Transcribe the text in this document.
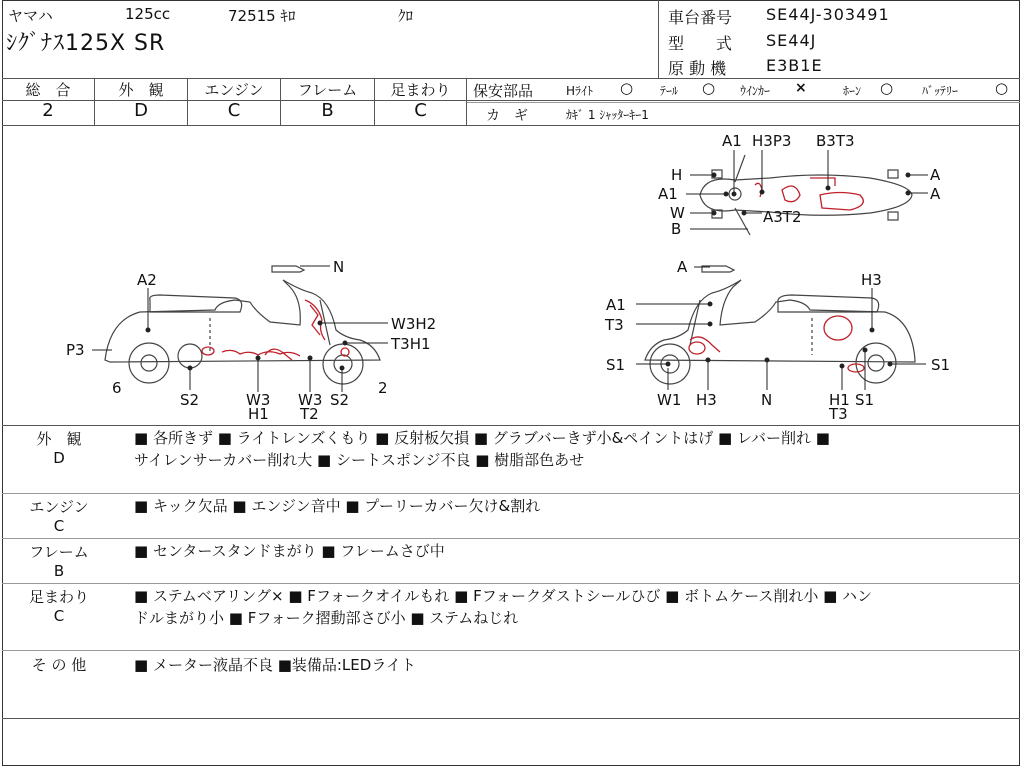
ヤマハ	125cc	72515 ｷﾛ	ｸﾛ
ｼｸﾞﾅｽ125X SR
車台番号 SE44J-303491
型　　式 SE44J
原 動 機 E3B1E
総　合
2
外　観
D
エンジン
C
フレーム
B
足まわり
C
保安部品	Hﾗｲﾄ ○ ﾃｰﾙ ○ ｳｲﾝｶｰ ×	ﾎｰﾝ ○ ﾊﾞｯﾃﾘｰ ○
カ　ギ	ｶｷﾞ 1 ｼｬｯﾀｰｷｰ1
A1 H3P3 B3T3
H
A1
W
B
A3T2
A
A
N
A2
W3H2
T3H1
P3
6
S2	W3
H1
W3
T2
S2
2
A
H3
A1
T3
S1	S1
W1 H3	N	H1
T3
S1
外　観
D
■ 各所きず ■ ライトレンズくもり ■ 反射板欠損 ■ グラブバーきず小&ペイントはげ ■ レバー削れ ■
サイレンサーカバー削れ大 ■ シートスポンジ不良 ■ 樹脂部色あせ
エンジン
C
■ キック欠品 ■ エンジン音中 ■ プーリーカバー欠け&割れ
フレーム
B
■ センタースタンドまがり ■ フレームさび中
足まわり
C
■ ステムベアリング× ■ Fフォークオイルもれ ■ Fフォークダストシールひび ■ ボトムケース削れ小 ■ ハン
ドルまがり小 ■ Fフォーク摺動部さび小 ■ ステムねじれ
そ の 他	■ メーター液晶不良 ■装備品:LEDライト
